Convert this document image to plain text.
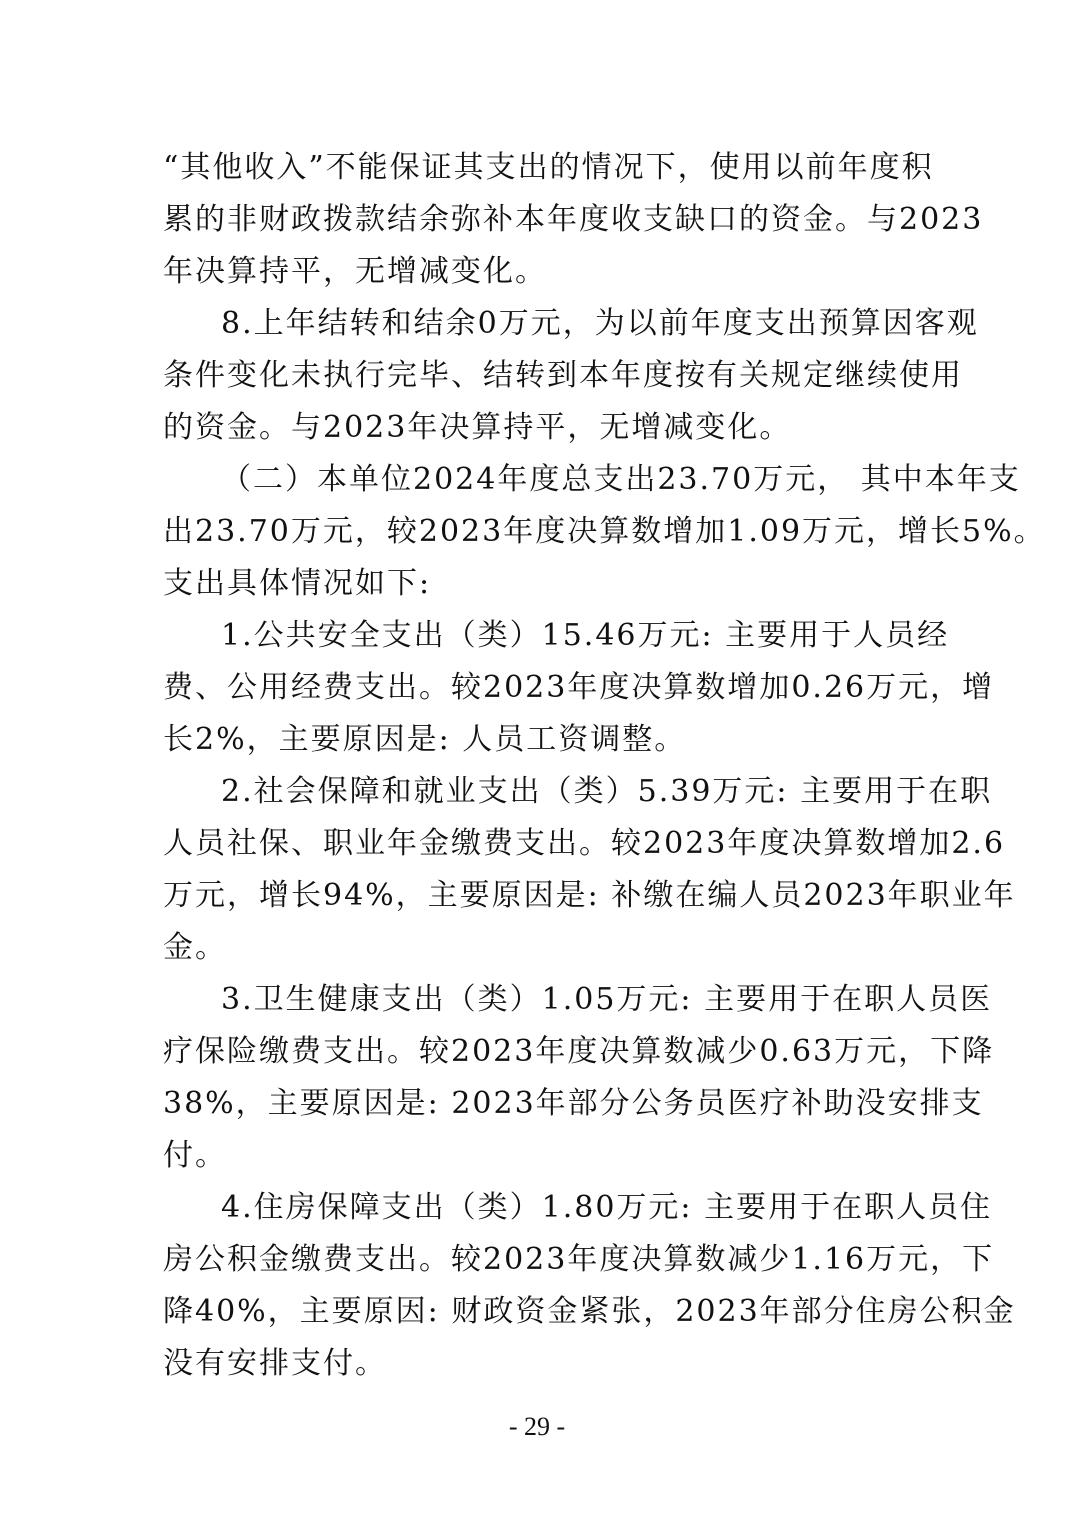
“其他收入”不能保证其支出的情况下，使用以前年度积
累的非财政拨款结余弥补本年度收支缺口的资金。与2023
年决算持平，无增减变化。
8.上年结转和结余0万元，为以前年度支出预算因客观
条件变化未执行完毕、结转到本年度按有关规定继续使用
的资金。与2023年决算持平，无增减变化。
（二）本单位2024年度总支出23.70万元， 其中本年支
出23.70万元，较2023年度决算数增加1.09万元，增长5%。
支出具体情况如下:
1.公共安全支出（类）15.46万元: 主要用于人员经
费、公用经费支出。较2023年度决算数增加0.26万元，增
长2%，主要原因是: 人员工资调整。
2.社会保障和就业支出（类）5.39万元: 主要用于在职
人员社保、职业年金缴费支出。较2023年度决算数增加2.6
万元，增长94%，主要原因是: 补缴在编人员2023年职业年
金。
3.卫生健康支出（类）1.05万元: 主要用于在职人员医
疗保险缴费支出。较2023年度决算数减少0.63万元，下降
38%，主要原因是: 2023年部分公务员医疗补助没安排支
付。
4.住房保障支出（类）1.80万元: 主要用于在职人员住
房公积金缴费支出。较2023年度决算数减少1.16万元，下
降40%，主要原因: 财政资金紧张，2023年部分住房公积金
没有安排支付。
- 29 -
